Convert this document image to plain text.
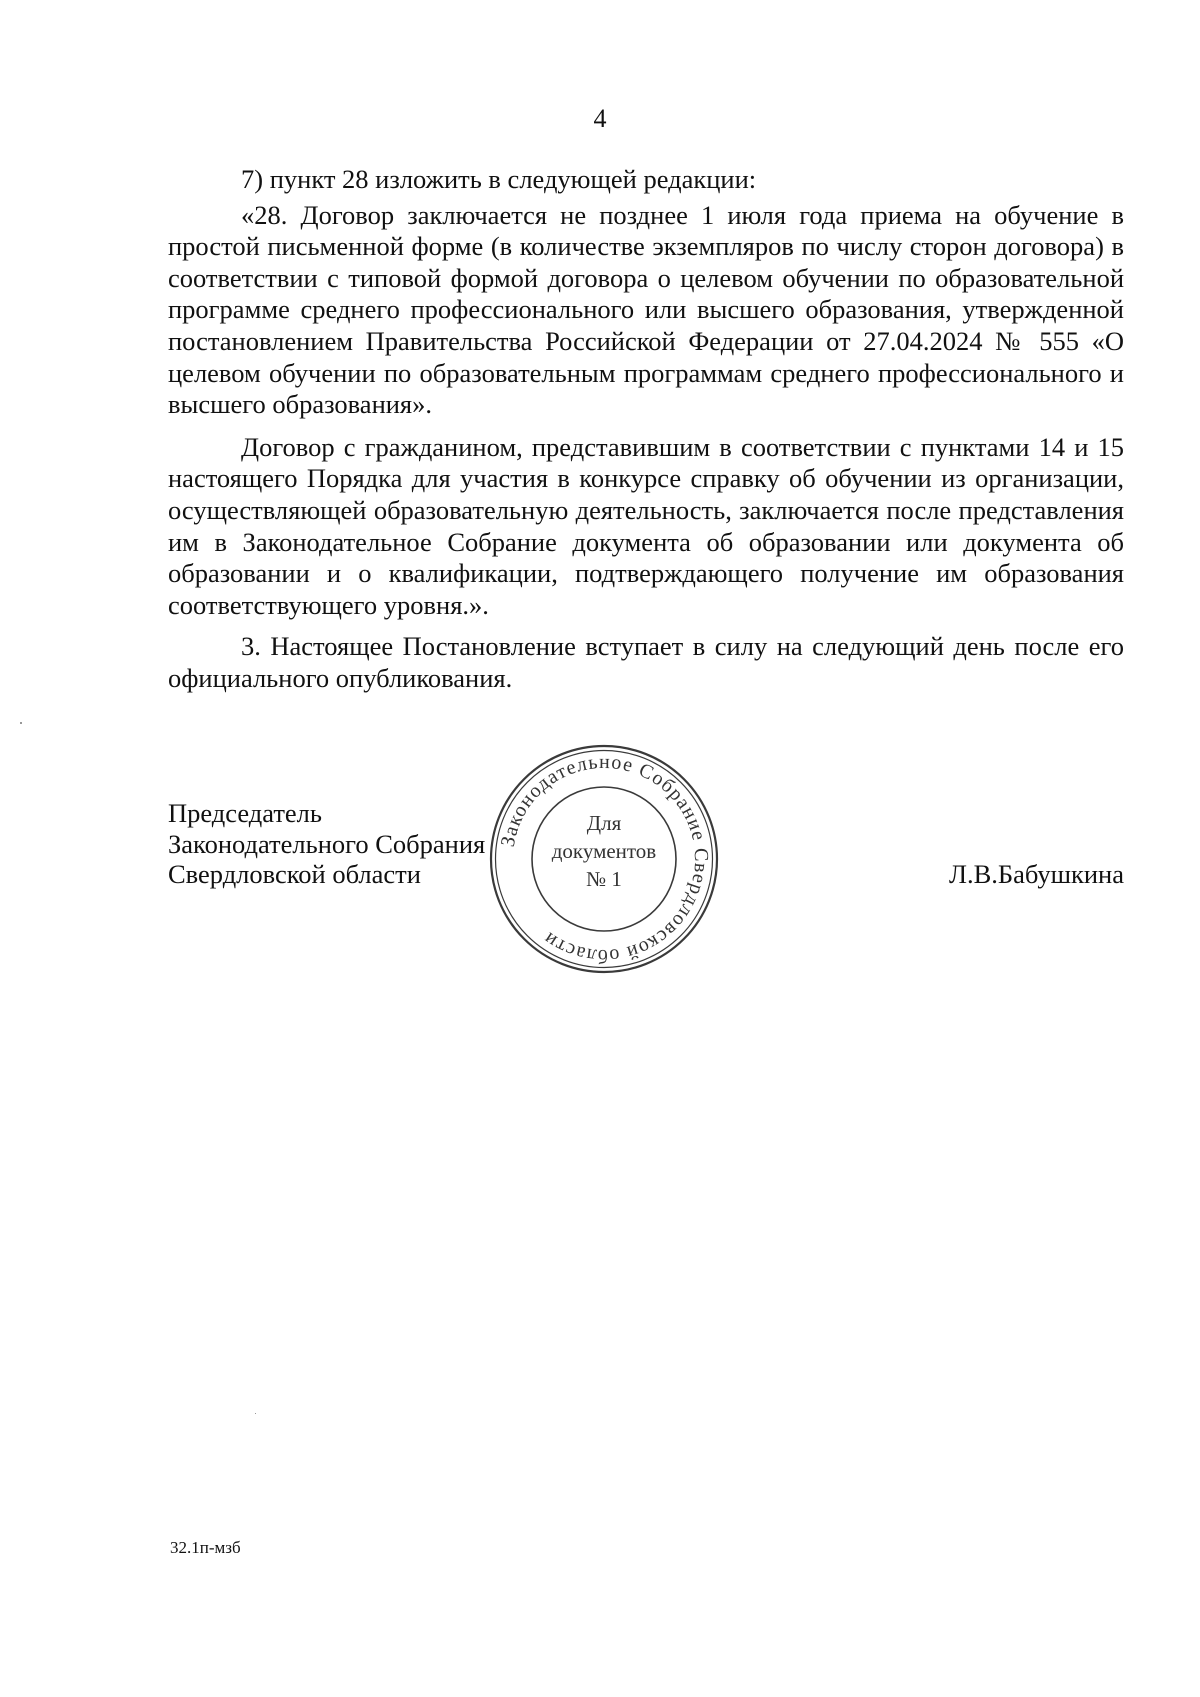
4

7) пункт 28 изложить в следующей редакции:

«28. Договор заключается не позднее 1 июля года приема на обучение в простой письменной форме (в количестве экземпляров по числу сторон договора) в соответствии с типовой формой договора о целевом обучении по образовательной программе среднего профессионального или высшего образования, утвержденной постановлением Правительства Российской Федерации от 27.04.2024 № 555 «О целевом обучении по образовательным программам среднего профессионального и высшего образования».

Договор с гражданином, представившим в соответствии с пунктами 14 и 15 настоящего Порядка для участия в конкурсе справку об обучении из организации, осуществляющей образовательную деятельность, заключается после представления им в Законодательное Собрание документа об образовании или документа об образовании и о квалификации, подтверждающего получение им образования соответствующего уровня.».

3. Настоящее Постановление вступает в силу на следующий день после его официального опубликования.

Председатель
Законодательного Собрания
Свердловской области
Законодательное Собрание Свердловской области
Для
документов
№ 1	Л.В.Бабушкина
32.1п-мзб
